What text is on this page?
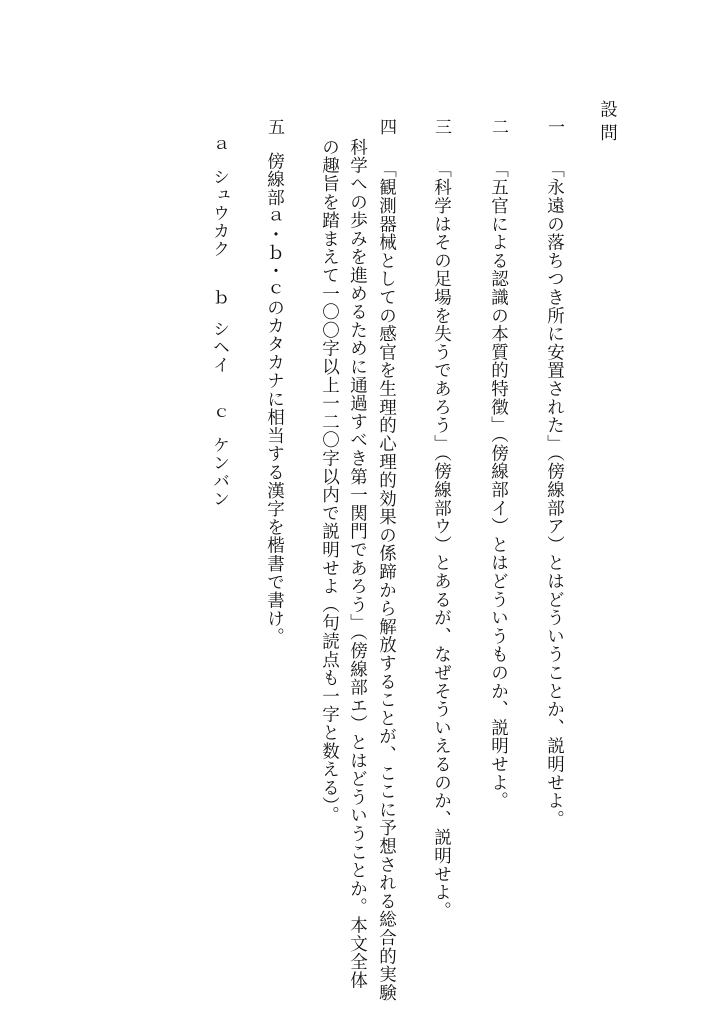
設問
一
「永遠の落ちつき所に安置された」（傍線部ア）とはどういうことか、説明せよ。
二
「五官による認識の本質的特徴」（傍線部イ）とはどういうものか、説明せよ。
三
「科学はその足場を失うであろう」（傍線部ウ）とあるが、なぜそういえるのか、説明せよ。
四
「観測器械としての感官を生理的心理的効果の係蹄から解放することが、ここに予想される総合的実験
科学への歩みを進めるために通過すべき第一関門であろう」（傍線部エ）とはどういうことか。本文全体
の趣旨を踏まえて一〇〇字以上一二〇字以内で説明せよ（句読点も一字と数える）。
五
傍線部ａ・ｂ・ｃのカタカナに相当する漢字を楷書で書け。
ａ
シュウカク
ｂ
シヘイ
ｃ
ケンバン
